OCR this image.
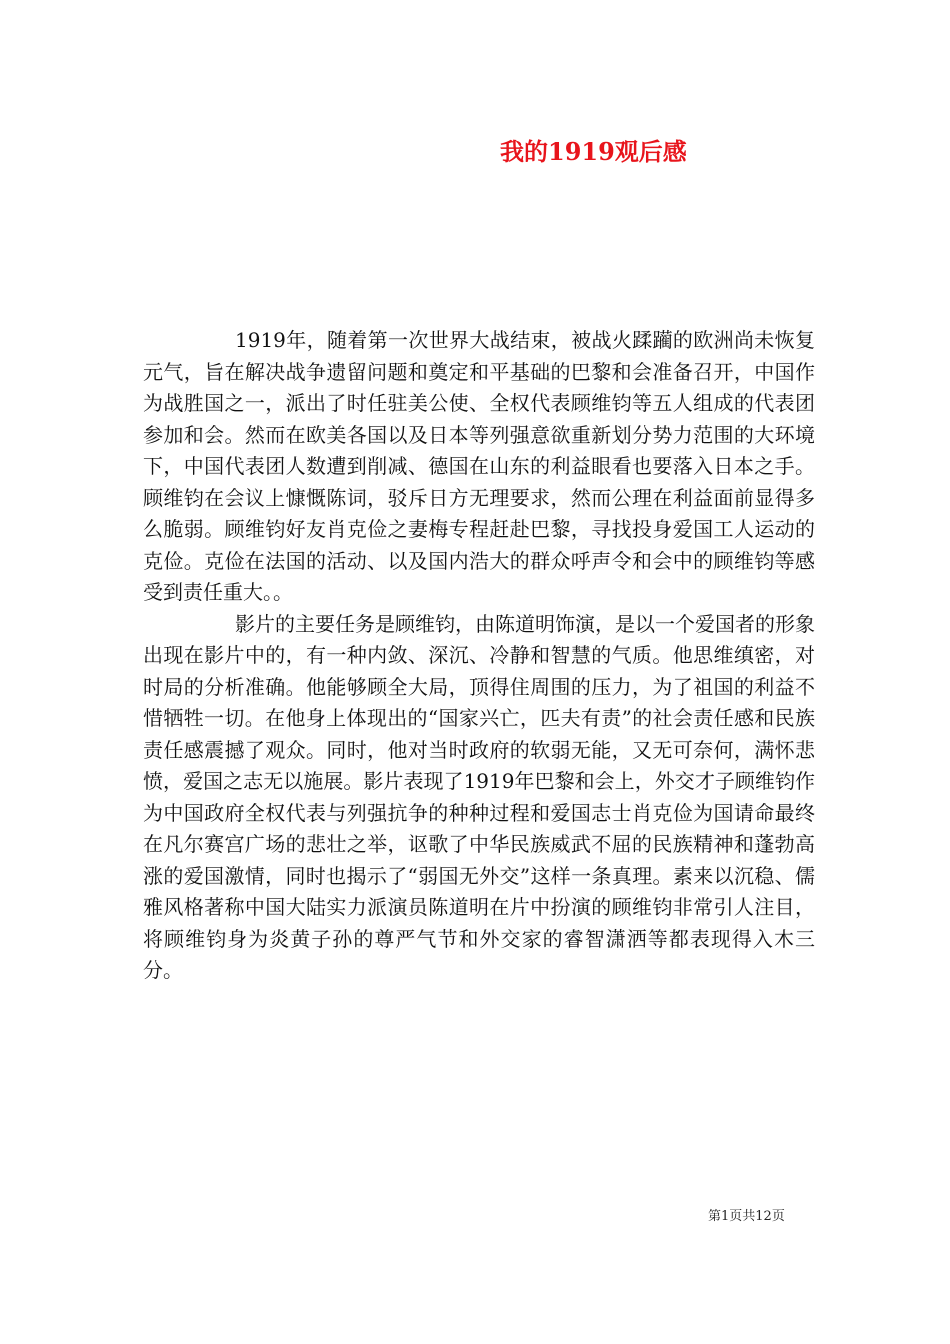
我的1919观后感

1919年，随着第一次世界大战结束，被战火蹂躏的欧洲尚未恢复元气，旨在解决战争遗留问题和奠定和平基础的巴黎和会准备召开，中国作为战胜国之一，派出了时任驻美公使、全权代表顾维钧等五人组成的代表团参加和会。然而在欧美各国以及日本等列强意欲重新划分势力范围的大环境下，中国代表团人数遭到削减、德国在山东的利益眼看也要落入日本之手。顾维钧在会议上慷慨陈词，驳斥日方无理要求，然而公理在利益面前显得多么脆弱。顾维钧好友肖克俭之妻梅专程赶赴巴黎，寻找投身爱国工人运动的克俭。克俭在法国的活动、以及国内浩大的群众呼声令和会中的顾维钧等感受到责任重大。。

影片的主要任务是顾维钧，由陈道明饰演，是以一个爱国者的形象出现在影片中的，有一种内敛、深沉、冷静和智慧的气质。他思维缜密，对时局的分析准确。他能够顾全大局，顶得住周围的压力，为了祖国的利益不惜牺牲一切。在他身上体现出的“国家兴亡，匹夫有责”的社会责任感和民族责任感震撼了观众。同时，他对当时政府的软弱无能，又无可奈何，满怀悲愤，爱国之志无以施展。影片表现了1919年巴黎和会上，外交才子顾维钧作为中国政府全权代表与列强抗争的种种过程和爱国志士肖克俭为国请命最终在凡尔赛宫广场的悲壮之举，讴歌了中华民族威武不屈的民族精神和蓬勃高涨的爱国激情，同时也揭示了“弱国无外交”这样一条真理。素来以沉稳、儒雅风格著称中国大陆实力派演员陈道明在片中扮演的顾维钧非常引人注目，将顾维钧身为炎黄子孙的尊严气节和外交家的睿智潇洒等都表现得入木三分。

第1页共12页
